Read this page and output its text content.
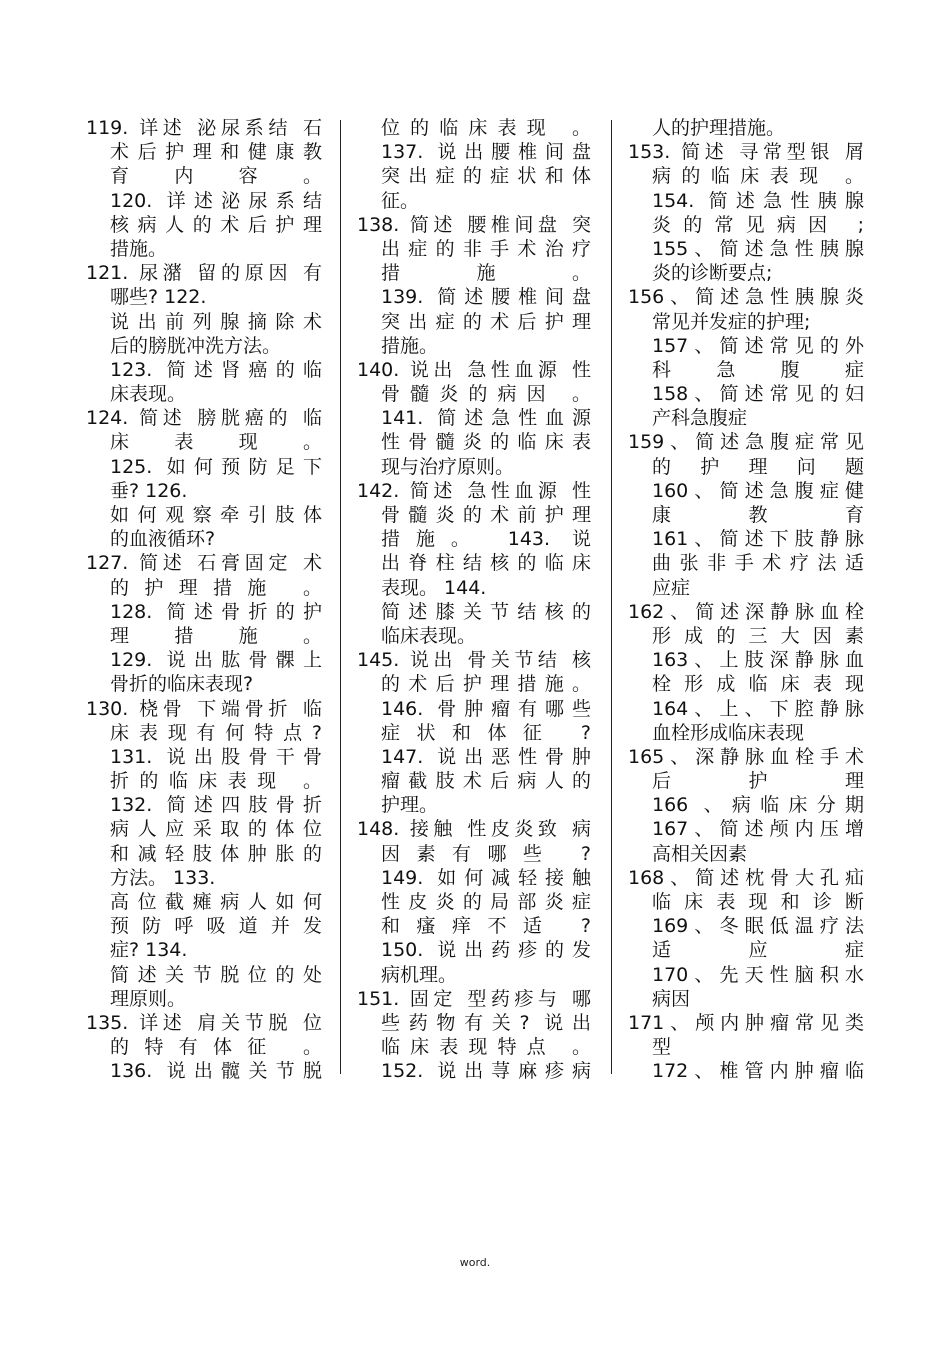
119. 详述 泌尿系结 石
术后护理和健康教
育 内 容 。
120. 详述泌尿系结
核病人的术后护理
措施。
121. 尿潴 留的原因 有
哪些? 122.
说出前列腺摘除术
后的膀胱冲洗方法。
123. 简述肾癌的临
床表现。
124. 简述 膀胱癌的 临
床 表 现 。
125. 如何预防足下
垂? 126.
如何观察牵引肢体
的血液循环?
127. 简述 石膏固定 术
的护理措施 。
128. 简述骨折的护
理 措 施 。
129. 说出肱骨髁上
骨折的临床表现?
130. 桡骨 下端骨折 临
床表现有何特点?
131. 说出股骨干骨
折的临床表现 。
132. 简述四肢骨折
病人应采取的体位
和减轻肢体肿胀的
方法。 133.
高位截瘫病人如何
预防呼吸道并发
症? 134.
简述关节脱位的处
理原则。
135. 详述 肩关节脱 位
的特有体征 。
136. 说出髋关节脱
位的临床表现 。
137. 说出腰椎间盘
突出症的症状和体
征。
138. 简述 腰椎间盘 突
出症的非手术治疗
措 施 。
139. 简述腰椎间盘
突出症的术后护理
措施。
140. 说出 急性血源 性
骨髓炎的病因 。
141. 简述急性血源
性骨髓炎的临床表
现与治疗原则。
142. 简述 急性血源 性
骨髓炎的术前护理
措施。 143. 说
出脊柱结核的临床
表现。 144.
简述膝关节结核的
临床表现。
145. 说出 骨关节结 核
的术后护理措施。
146. 骨肿瘤有哪些
症状和体征 ?
147. 说出恶性骨肿
瘤截肢术后病人的
护理。
148. 接触 性皮炎致 病
因素有哪些 ?
149. 如何减轻接触
性皮炎的局部炎症
和瘙痒不适 ?
150. 说出药疹的发
病机理。
151. 固定 型药疹与 哪
些药物有关? 说出
临床表现特点 。
152. 说出荨麻疹病
人的护理措施。
153. 简述 寻常型银 屑
病的临床表现 。
154. 简述急性胰腺
炎的常见病因 ;
155、简述急性胰腺
炎的诊断要点;
156、简述急性胰腺炎
常见并发症的护理;
157、简述常见的外
科 急 腹 症
158、简述常见的妇
产科急腹症
159、简述急腹症常见
的 护 理 问 题
160、简述急腹症健
康 教 育
161、简述下肢静脉
曲张非手术疗法适
应症
162、简述深静脉血栓
形成的三大因素
163、上肢深静脉血
栓形成临床表现
164、上、下腔静脉
血栓形成临床表现
165、深静脉血栓手术
后 护 理
166 、病临床分期
167、简述颅内压增
高相关因素
168、简述枕骨大孔疝
临床表现和诊断
169、冬眠低温疗法
适 应 症
170、先天性脑积水
病因
171、颅内肿瘤常见类
型
172、椎管内肿瘤临
word.
